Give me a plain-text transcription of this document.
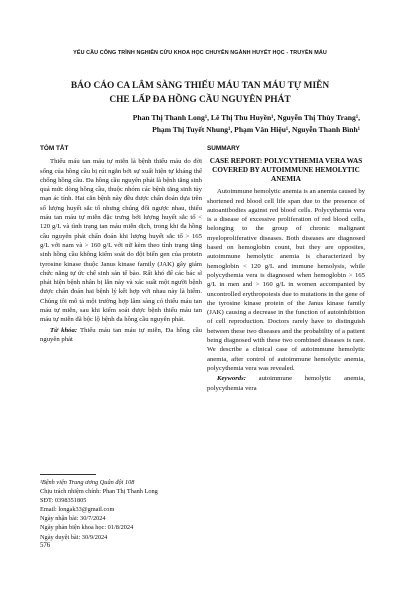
YẾU CẦU CÔNG TRÌNH NGHIÊN CỨU KHOA HỌC CHUYÊN NGÀNH HUYẾT HỌC - TRUYỀN MÁU
BÁO CÁO CA LÂM SÀNG THIẾU MÁU TAN MÁU TỰ MIỄN
CHE LẤP ĐA HỒNG CẦU NGUYÊN PHÁT
Phan Thị Thanh Long¹, Lê Thị Thu Huyền¹, Nguyễn Thị Thùy Trang¹,
Phạm Thị Tuyết Nhung¹, Phạm Văn Hiệu¹, Nguyễn Thanh Bình¹
TÓM TẮT

Thiếu máu tan máu tự miễn là bệnh thiếu máu do đời sống của hồng cầu bị rút ngắn bởi sự xuất hiện tự kháng thể chống hồng cầu. Đa hồng cầu nguyên phát là bệnh tăng sinh quá mức dòng hồng cầu, thuộc nhóm các bệnh tăng sinh tủy mạn ác tính. Hai căn bệnh này đều được chẩn đoán dựa trên số lượng huyết sắc tố nhưng chúng đối ngược nhau, thiếu máu tan máu tự miễn đặc trưng bởi lượng huyết sắc tố < 120 g/L và tình trạng tan máu miễn dịch, trong khi đa hồng cầu nguyên phát chẩn đoán khi lượng huyết sắc tố > 165 g/L với nam và > 160 g/L với nữ kèm theo tình trạng tăng sinh hồng cầu không kiểm soát do đột biến gen của protein tyrosine kinase thuộc Janus kinase family (JAK) gây giám chức năng tự ức chế sinh sản tế bào. Rất khó để các bác sĩ phát hiện bệnh nhân bị lẫn này và xác suất một người bệnh được chẩn đoán hai bệnh lý kết hợp với nhau này là hiếm. Chúng tôi mô tả một trường hợp lâm sàng có thiếu máu tan máu tự miễn, sau khi kiểm soát được bệnh thiếu máu tan máu tự miễn đã bộc lộ bệnh đa hồng cầu nguyên phát.

Từ khóa: Thiếu máu tan máu tự miễn, Đa hồng cầu nguyên phát
SUMMARY
CASE REPORT: POLYCYTHEMIA VERA WAS COVERED BY AUTOIMMUNE HEMOLYTIC ANEMIA

Autoimmune hemolytic anemia is an anemia caused by shortened red blood cell life span due to the presence of autoantibodies against red blood cells. Polycythemia vera is a disease of excessive proliferation of red blood cells, belonging to the group of chronic malignant myeloproliferative diseases. Both diseases are diagnosed based on hemoglobin count, but they are opposites, autoimmune hemolytic anemia is characterized by hemoglobin < 120 g/L and immune hemolysis, while polycythemia vera is diagnosed when hemoglobin > 165 g/L in men and > 160 g/L in women accompanied by uncontrolled erythropoiesis due to mutations in the gene of the tyrosine kinase protein of the Janus kinase family (JAK) causing a decrease in the function of autoinhibition of cell reproduction. Doctors rarely have to distinguish between these two diseases and the probability of a patient being diagnosed with these two combined diseases is rare. We describe a clinical case of autoimmune hemolytic anemia, after control of autoimmune hemolytic anemia, polycythemia vera was revealed.

Keywords: autoimmune hemolytic anemia, polycythemia vera
¹Bệnh viện Trung ương Quân đội 108
Chịu trách nhiệm chính: Phan Thị Thanh Long
SĐT: 0398351805
Email: longak33@gmail.com
Ngày nhận bài: 30/7/2024
Ngày phản biện khoa học: 01/8/2024
Ngày duyệt bài: 30/9/2024
576
